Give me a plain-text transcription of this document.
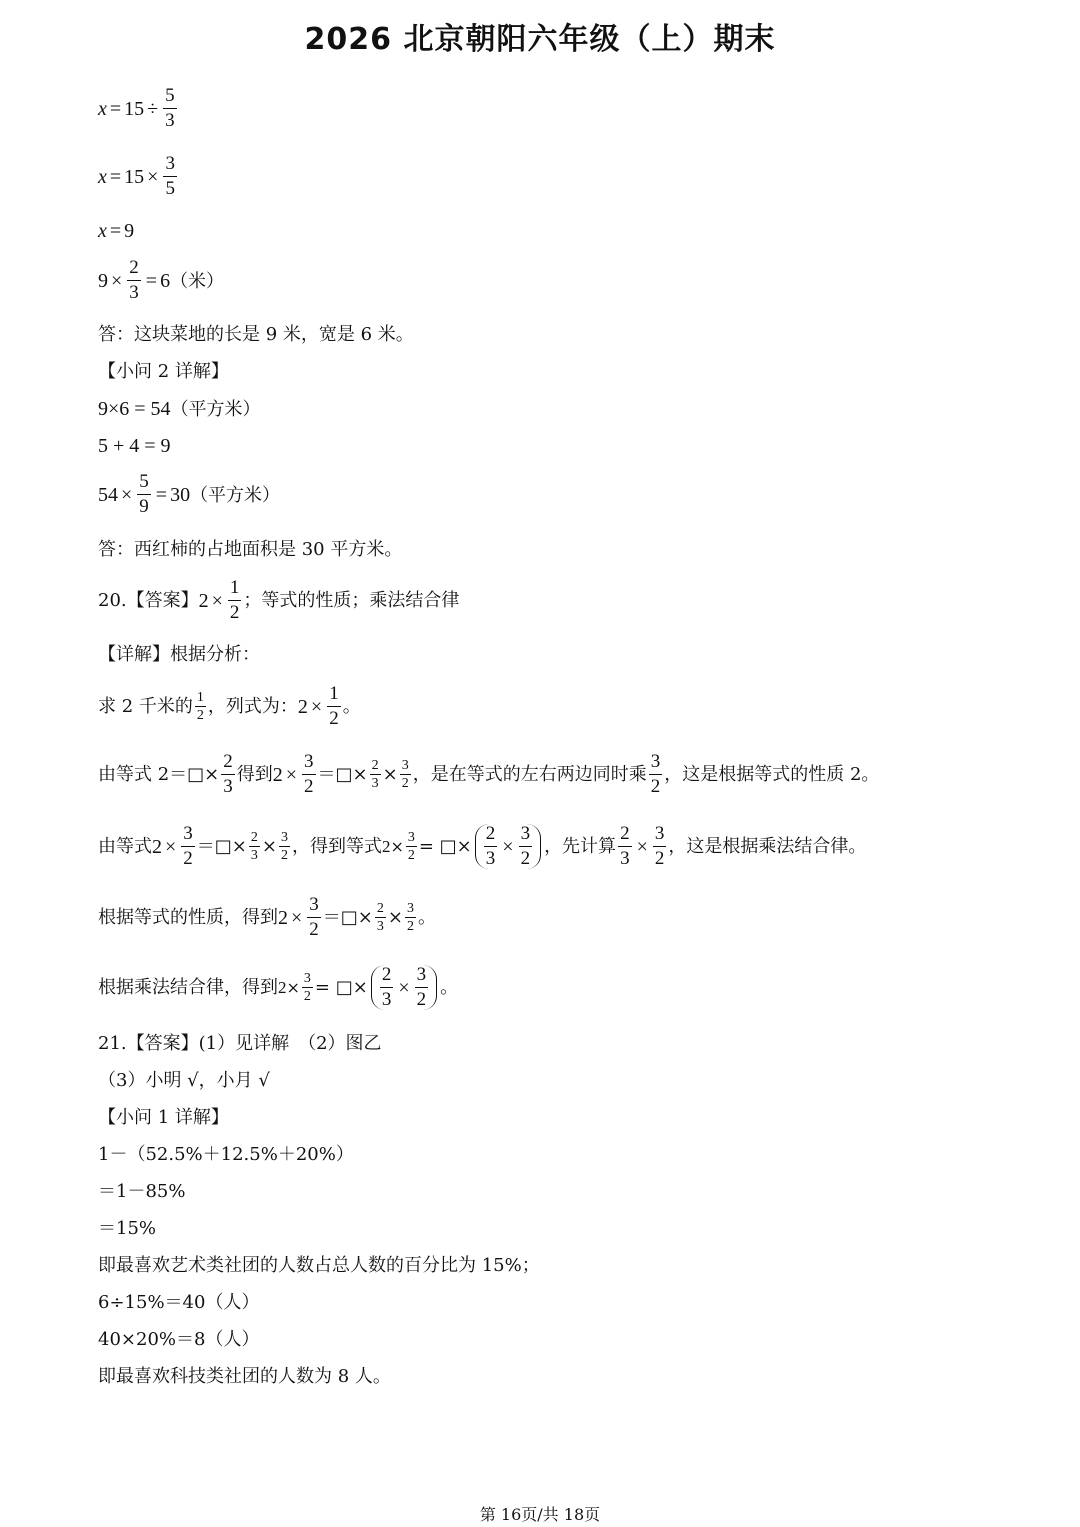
2026 北京朝阳六年级（上）期末
$x = 15 \div \frac{5}{3}$
$x = 15 \times \frac{3}{5}$
x = 9
$9 \times \frac{2}{3} = 6$ （米）
答：这块菜地的长是 9 米，宽是 6 米。
【小问 2 详解】
9×6 = 54 （平方米）
5 + 4 = 9
$54 \times \frac{5}{9} = 30$ （平方米）
答：西红柿的占地面积是 30 平方米。
20.【答案】 $2 \times \frac{1}{2}$ ；等式的性质；乘法结合律
【详解】根据分析：
求 2 千米的 $\frac{1}{2}$ ，列式为： $2 \times \frac{1}{2}$ 。
由等式 2＝□× $\frac{2}{3}$ 得到 $2 \times \frac{3}{2}$ ＝□× $\frac{2}{3} \times \frac{3}{2}$ ，是在等式的左右两边同时乘 $\frac{3}{2}$ ，这是根据等式的性质 2。
由等式 $2 \times \frac{3}{2}$ ＝□× $\frac{2}{3} \times \frac{3}{2}$ ，得到等式 $2 \times \frac{3}{2}$ = □× $\frac{2}{3} \times \frac{3}{2}$ ，先计算 $\frac{2}{3} \times \frac{3}{2}$ ，这是根据乘法结合律。
根据等式的性质，得到 $2 \times \frac{3}{2}$ ＝□× $\frac{2}{3} \times \frac{3}{2}$ 。
根据乘法结合律，得到 $2 \times \frac{3}{2}$ = □× $\frac{2}{3} \times \frac{3}{2}$ 。
21.【答案】(1）见详解　（2）图乙
（3）小明 √，小月 √
【小问 1 详解】
1－（52.5%＋12.5%＋20%）
＝1－85%
＝15%
即最喜欢艺术类社团的人数占总人数的百分比为 15%；
6÷15%＝40（人）
40×20%＝8（人）
即最喜欢科技类社团的人数为 8 人。
第 16页/共 18页
